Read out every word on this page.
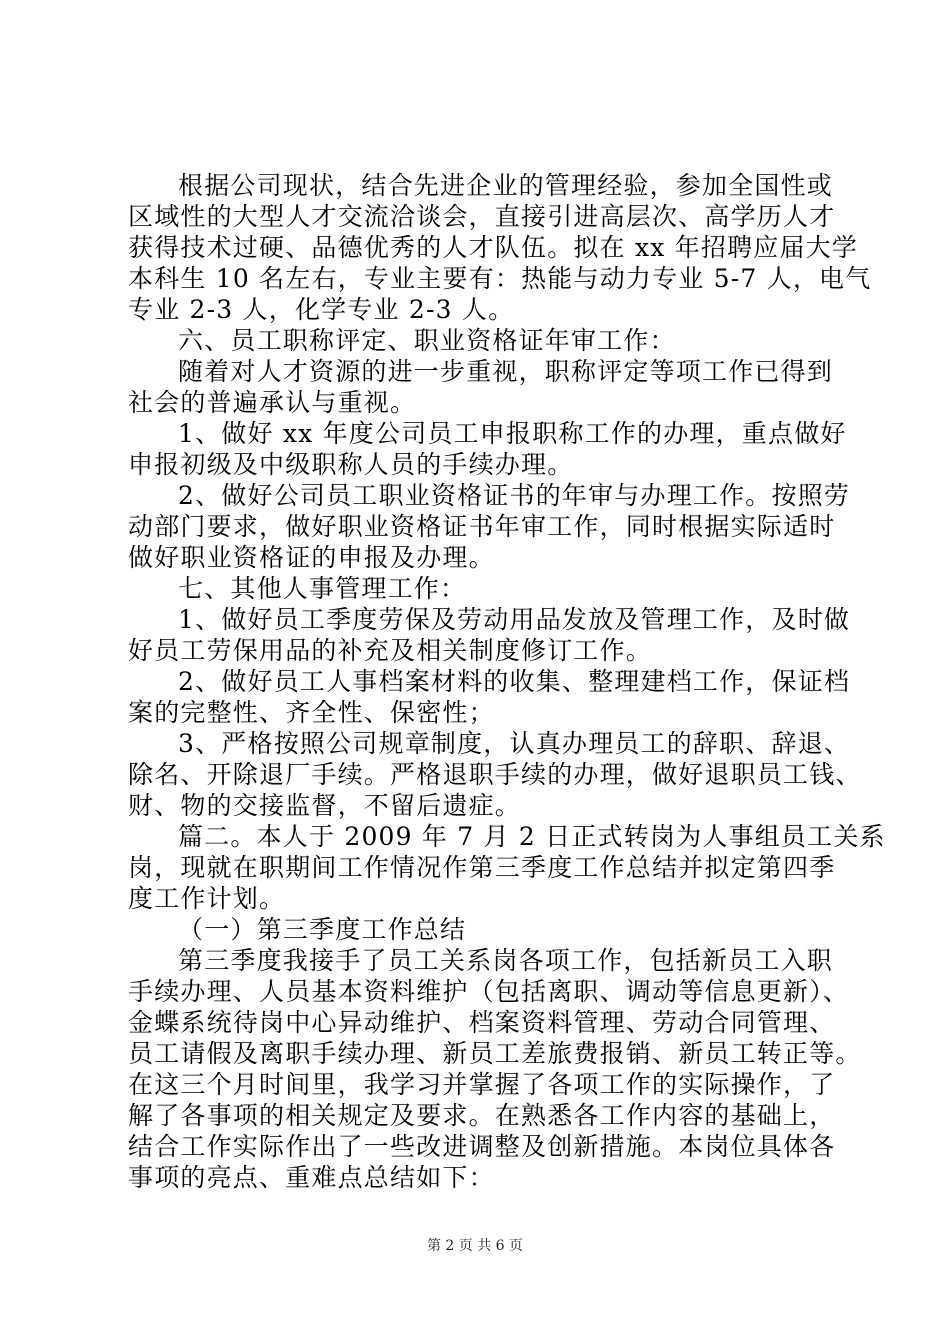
根据公司现状，结合先进企业的管理经验，参加全国性或
区域性的大型人才交流洽谈会，直接引进高层次、高学历人才
获得技术过硬、品德优秀的人才队伍。拟在 xx 年招聘应届大学
本科生 10 名左右，专业主要有：热能与动力专业 5-7 人，电气
专业 2-3 人，化学专业 2-3 人。
六、员工职称评定、职业资格证年审工作：
随着对人才资源的进一步重视，职称评定等项工作已得到
社会的普遍承认与重视。
1、做好 xx 年度公司员工申报职称工作的办理，重点做好
申报初级及中级职称人员的手续办理。
2、做好公司员工职业资格证书的年审与办理工作。按照劳
动部门要求，做好职业资格证书年审工作，同时根据实际适时
做好职业资格证的申报及办理。
七、其他人事管理工作：
1、做好员工季度劳保及劳动用品发放及管理工作，及时做
好员工劳保用品的补充及相关制度修订工作。
2、做好员工人事档案材料的收集、整理建档工作，保证档
案的完整性、齐全性、保密性；
3、严格按照公司规章制度，认真办理员工的辞职、辞退、
除名、开除退厂手续。严格退职手续的办理，做好退职员工钱、
财、物的交接监督，不留后遗症。
篇二。本人于 2009 年 7 月 2 日正式转岗为人事组员工关系
岗，现就在职期间工作情况作第三季度工作总结并拟定第四季
度工作计划。
（一）第三季度工作总结
第三季度我接手了员工关系岗各项工作，包括新员工入职
手续办理、人员基本资料维护（包括离职、调动等信息更新）、
金蝶系统待岗中心异动维护、档案资料管理、劳动合同管理、
员工请假及离职手续办理、新员工差旅费报销、新员工转正等。
在这三个月时间里，我学习并掌握了各项工作的实际操作，了
解了各事项的相关规定及要求。在熟悉各工作内容的基础上，
结合工作实际作出了一些改进调整及创新措施。本岗位具体各
事项的亮点、重难点总结如下：
第 2 页 共 6 页
